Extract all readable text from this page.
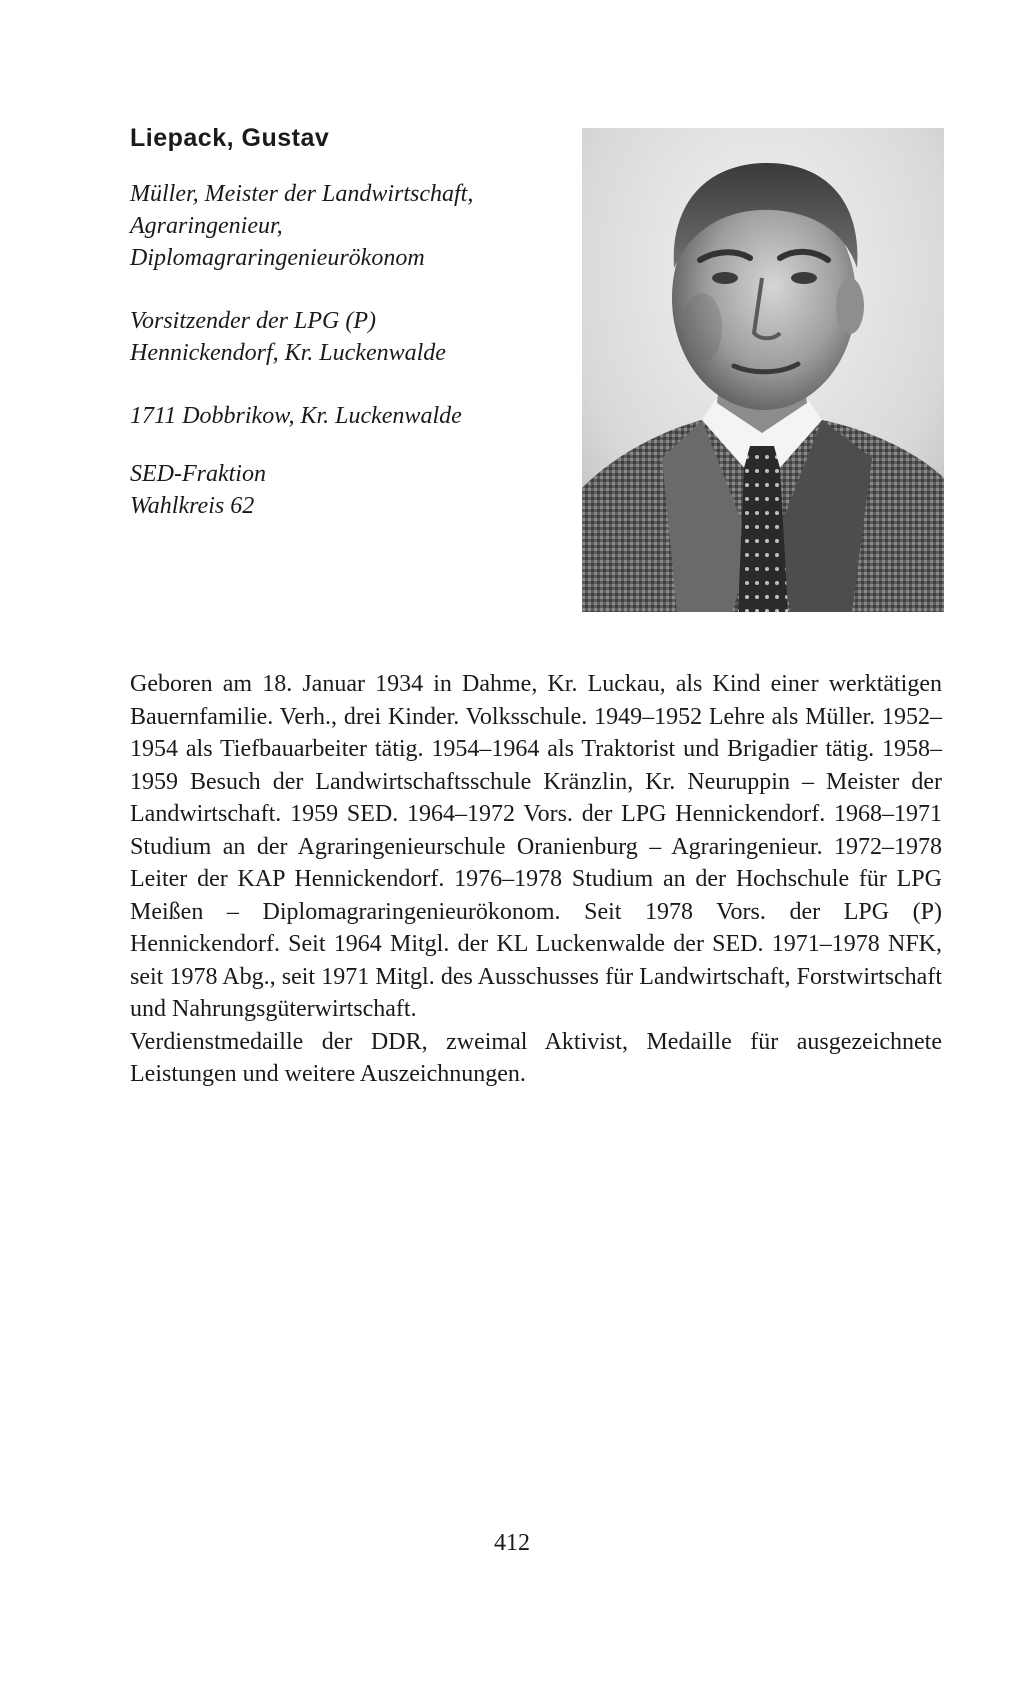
Liepack, Gustav
Müller, Meister der Landwirtschaft,
Agraringenieur,
Diplomagraringenieurökonom
Vorsitzender der LPG (P)
Hennickendorf, Kr. Luckenwalde
1711 Dobbrikow, Kr. Luckenwalde
SED-Fraktion
Wahlkreis 62

Geboren am 18. Januar 1934 in Dahme, Kr. Luckau, als Kind einer werktätigen Bauernfamilie. Verh., drei Kinder. Volksschule. 1949–1952 Lehre als Müller. 1952–1954 als Tiefbauarbeiter tätig. 1954–1964 als Traktorist und Brigadier tätig. 1958–1959 Besuch der Landwirtschaftsschule Kränzlin, Kr. Neuruppin – Meister der Landwirtschaft. 1959 SED. 1964–1972 Vors. der LPG Hennickendorf. 1968–1971 Studium an der Agraringenieurschule Oranienburg – Agraringenieur. 1972–1978 Leiter der KAP Hennickendorf. 1976–1978 Studium an der Hochschule für LPG Meißen – Diplomagraringenieurökonom. Seit 1978 Vors. der LPG (P) Hennickendorf. Seit 1964 Mitgl. der KL Luckenwalde der SED. 1971–1978 NFK, seit 1978 Abg., seit 1971 Mitgl. des Ausschusses für Landwirtschaft, Forstwirtschaft und Nahrungsgüterwirtschaft.

Verdienstmedaille der DDR, zweimal Aktivist, Medaille für ausgezeichnete Leistungen und weitere Auszeichnungen.

412
